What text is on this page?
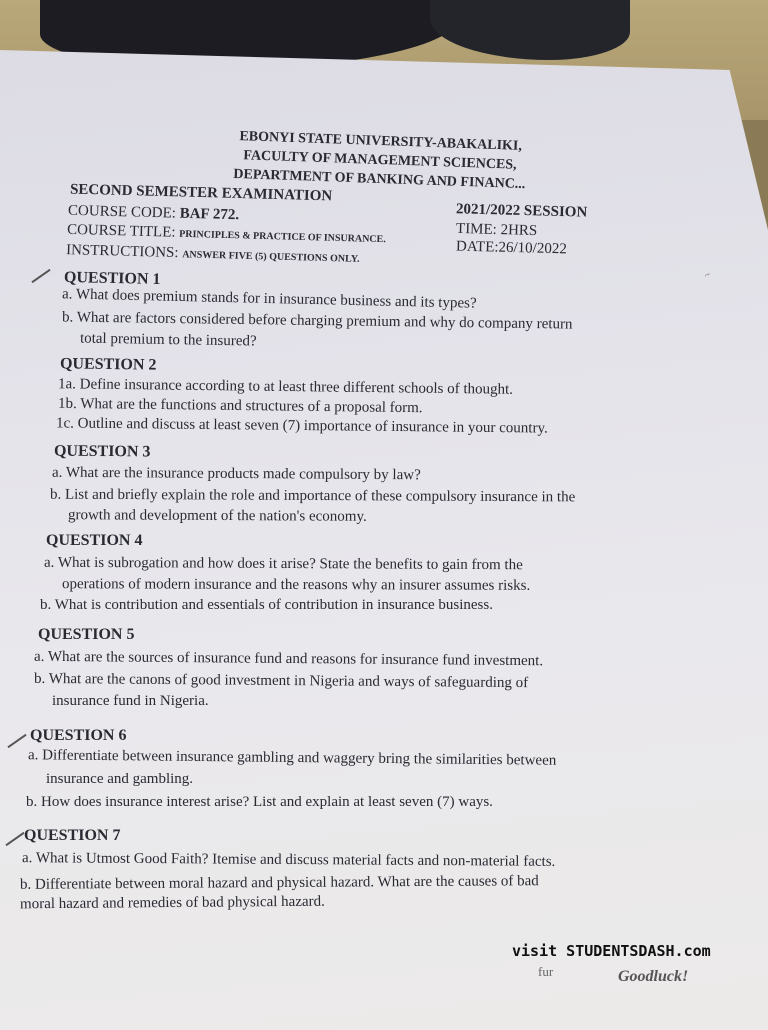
EBONYI STATE UNIVERSITY-ABAKALIKI,
FACULTY OF MANAGEMENT SCIENCES,
DEPARTMENT OF BANKING AND FINANC...
SECOND SEMESTER EXAMINATION
2021/2022 SESSION
COURSE CODE: BAF 272.
TIME: 2HRS
COURSE TITLE: PRINCIPLES & PRACTICE OF INSURANCE.
DATE:26/10/2022
INSTRUCTIONS: ANSWER FIVE (5) QUESTIONS ONLY.
~
QUESTION 1
a. What does premium stands for in insurance business and its types?
b. What are factors considered before charging premium and why do company return
total premium to the insured?
QUESTION 2
1a. Define insurance according to at least three different schools of thought.
1b. What are the functions and structures of a proposal form.
1c. Outline and discuss at least seven (7) importance of insurance in your country.
QUESTION 3
a. What are the insurance products made compulsory by law?
b. List and briefly explain the role and importance of these compulsory insurance in the
growth and development of the nation's economy.
QUESTION 4
a. What is subrogation and how does it arise? State the benefits to gain from the
operations of modern insurance and the reasons why an insurer assumes risks.
b. What is contribution and essentials of contribution in insurance business.
QUESTION 5
a. What are the sources of insurance fund and reasons for insurance fund investment.
b. What are the canons of good investment in Nigeria and ways of safeguarding of
insurance fund in Nigeria.
QUESTION 6
a. Differentiate between insurance gambling and waggery bring the similarities between
insurance and gambling.
b. How does insurance interest arise? List and explain at least seven (7) ways.
QUESTION 7
a. What is Utmost Good Faith? Itemise and discuss material facts and non-material facts.
b. Differentiate between moral hazard and physical hazard. What are the causes of bad
moral hazard and remedies of bad physical hazard.
visit STUDENTSDASH.com
fur	Goodluck!
